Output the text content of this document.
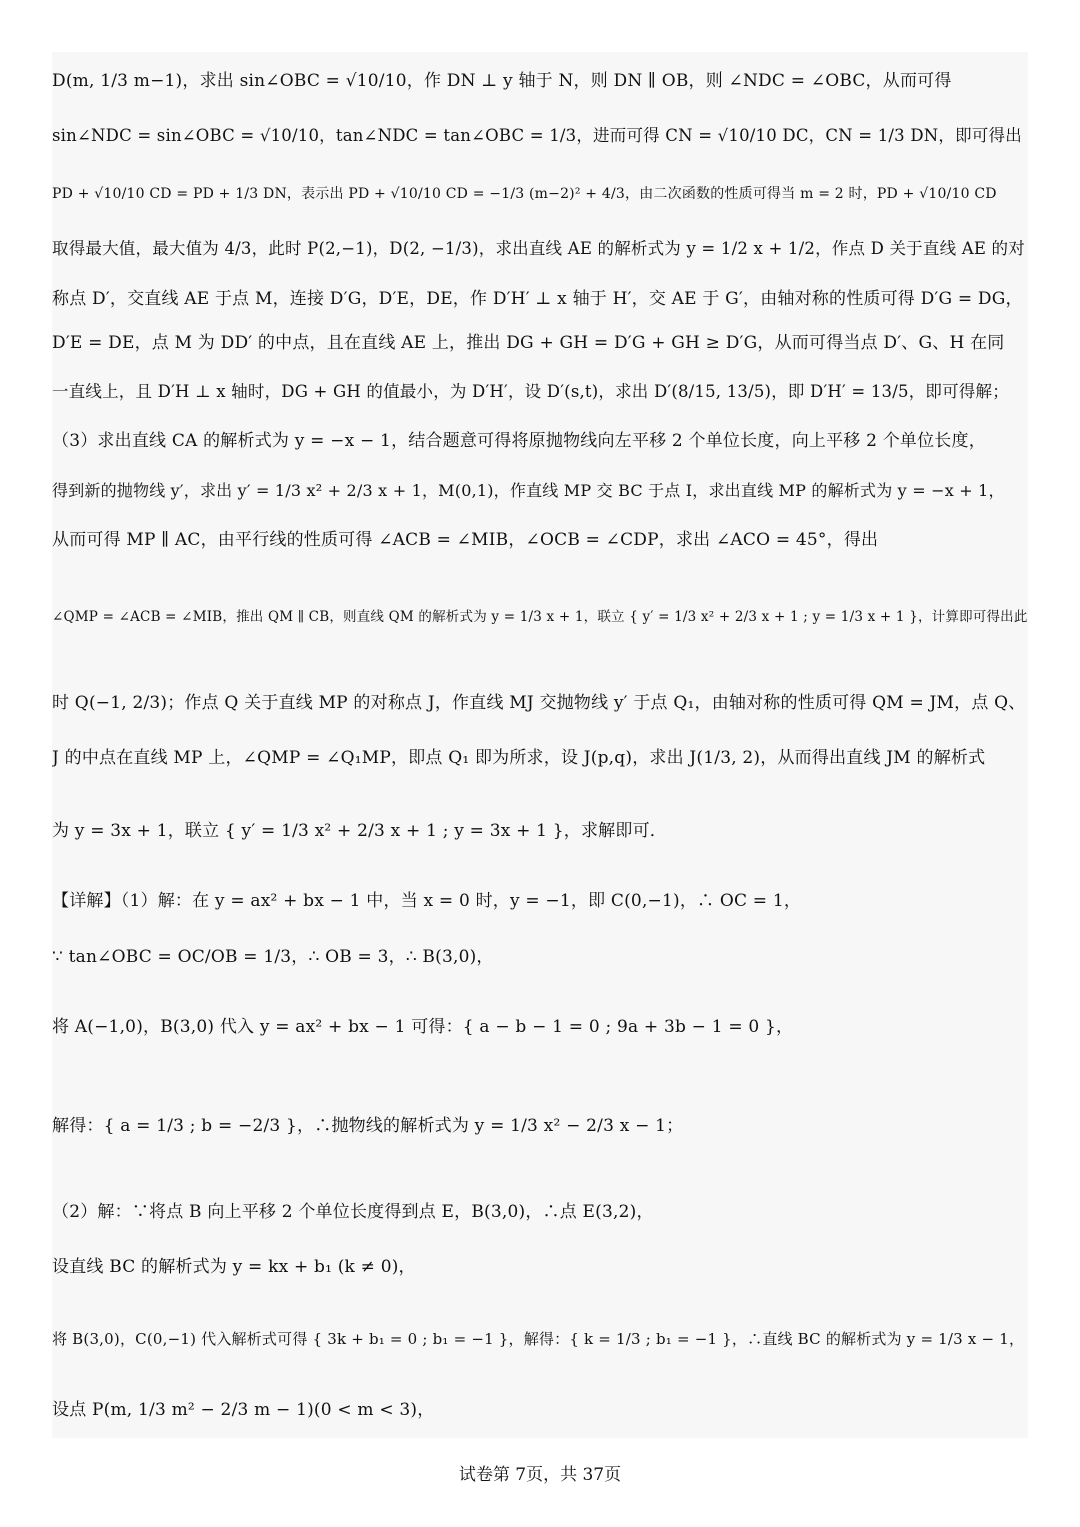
D(m, 1/3 m−1)，求出 sin∠OBC = √10/10，作 DN ⊥ y 轴于 N，则 DN ∥ OB，则 ∠NDC = ∠OBC，从而可得
sin∠NDC = sin∠OBC = √10/10，tan∠NDC = tan∠OBC = 1/3，进而可得 CN = √10/10 DC，CN = 1/3 DN，即可得出
PD + √10/10 CD = PD + 1/3 DN，表示出 PD + √10/10 CD = −1/3 (m−2)² + 4/3，由二次函数的性质可得当 m = 2 时，PD + √10/10 CD
取得最大值，最大值为 4/3，此时 P(2,−1)，D(2, −1/3)，求出直线 AE 的解析式为 y = 1/2 x + 1/2，作点 D 关于直线 AE 的对
称点 D′，交直线 AE 于点 M，连接 D′G，D′E，DE，作 D′H′ ⊥ x 轴于 H′，交 AE 于 G′，由轴对称的性质可得 D′G = DG，
D′E = DE，点 M 为 DD′ 的中点，且在直线 AE 上，推出 DG + GH = D′G + GH ≥ D′G，从而可得当点 D′、G、H 在同
一直线上，且 D′H ⊥ x 轴时，DG + GH 的值最小，为 D′H′，设 D′(s,t)，求出 D′(8/15, 13/5)，即 D′H′ = 13/5，即可得解；
（3）求出直线 CA 的解析式为 y = −x − 1，结合题意可得将原抛物线向左平移 2 个单位长度，向上平移 2 个单位长度，
得到新的抛物线 y′，求出 y′ = 1/3 x² + 2/3 x + 1，M(0,1)，作直线 MP 交 BC 于点 I，求出直线 MP 的解析式为 y = −x + 1，
从而可得 MP ∥ AC，由平行线的性质可得 ∠ACB = ∠MIB，∠OCB = ∠CDP，求出 ∠ACO = 45°，得出
∠QMP = ∠ACB = ∠MIB，推出 QM ∥ CB，则直线 QM 的解析式为 y = 1/3 x + 1，联立 { y′ = 1/3 x² + 2/3 x + 1 ; y = 1/3 x + 1 }，计算即可得出此
时 Q(−1, 2/3)；作点 Q 关于直线 MP 的对称点 J，作直线 MJ 交抛物线 y′ 于点 Q₁，由轴对称的性质可得 QM = JM，点 Q、
J 的中点在直线 MP 上，∠QMP = ∠Q₁MP，即点 Q₁ 即为所求，设 J(p,q)，求出 J(1/3, 2)，从而得出直线 JM 的解析式
为 y = 3x + 1，联立 { y′ = 1/3 x² + 2/3 x + 1 ; y = 3x + 1 }，求解即可．
【详解】（1）解：在 y = ax² + bx − 1 中，当 x = 0 时，y = −1，即 C(0,−1)，∴ OC = 1，
∵ tan∠OBC = OC/OB = 1/3，∴ OB = 3，∴ B(3,0)，
将 A(−1,0)，B(3,0) 代入 y = ax² + bx − 1 可得：{ a − b − 1 = 0 ; 9a + 3b − 1 = 0 }，
解得：{ a = 1/3 ; b = −2/3 }，∴抛物线的解析式为 y = 1/3 x² − 2/3 x − 1；
（2）解：∵将点 B 向上平移 2 个单位长度得到点 E，B(3,0)，∴点 E(3,2)，
设直线 BC 的解析式为 y = kx + b₁ (k ≠ 0)，
将 B(3,0)，C(0,−1) 代入解析式可得 { 3k + b₁ = 0 ; b₁ = −1 }，解得：{ k = 1/3 ; b₁ = −1 }，∴直线 BC 的解析式为 y = 1/3 x − 1，
设点 P(m, 1/3 m² − 2/3 m − 1)(0 < m < 3)，
试卷第 7页，共 37页
